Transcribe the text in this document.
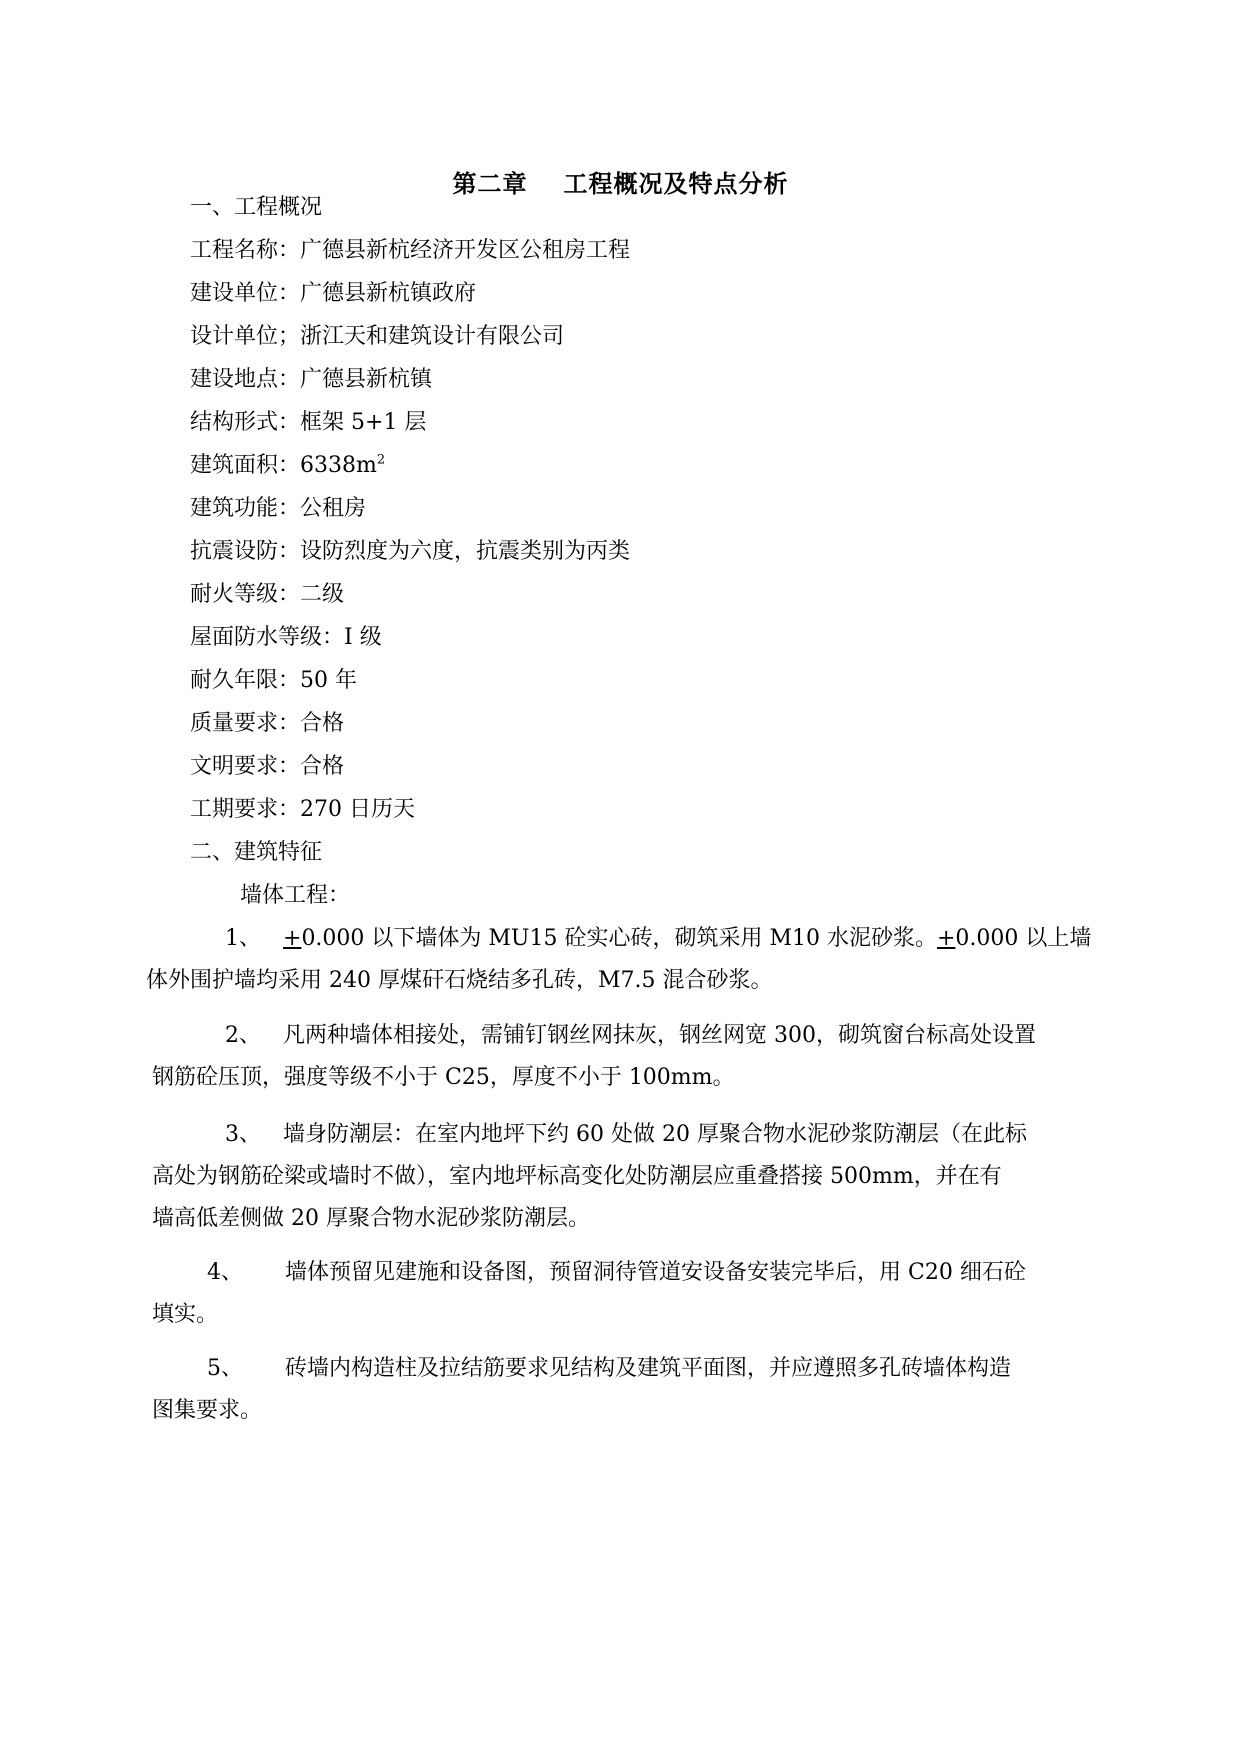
第二章 工程概况及特点分析
一、工程概况
工程名称：广德县新杭经济开发区公租房工程
建设单位：广德县新杭镇政府
设计单位；浙江天和建筑设计有限公司
建设地点：广德县新杭镇
结构形式：框架 5+1 层
建筑面积：$6338m^2$
建筑功能：公租房
抗震设防：设防烈度为六度，抗震类别为丙类
耐火等级：二级
屋面防水等级：I 级
耐久年限：50 年
质量要求：合格
文明要求：合格
工期要求：270 日历天
二、建筑特征
墙体工程：
1、 +0.000 以下墙体为 MU15 砼实心砖，砌筑采用 M10 水泥砂浆。+0.000 以上墙
体外围护墙均采用 240 厚煤矸石烧结多孔砖，M7.5 混合砂浆。
2、 凡两种墙体相接处，需铺钉钢丝网抹灰，钢丝网宽 300，砌筑窗台标高处设置
钢筋砼压顶，强度等级不小于 C25，厚度不小于 100mm。
3、 墙身防潮层：在室内地坪下约 60 处做 20 厚聚合物水泥砂浆防潮层（在此标
高处为钢筋砼梁或墙时不做），室内地坪标高变化处防潮层应重叠搭接 500mm，并在有
墙高低差侧做 20 厚聚合物水泥砂浆防潮层。
4、 墙体预留见建施和设备图，预留洞待管道安设备安装完毕后，用 C20 细石砼
填实。
5、 砖墙内构造柱及拉结筋要求见结构及建筑平面图，并应遵照多孔砖墙体构造
图集要求。
